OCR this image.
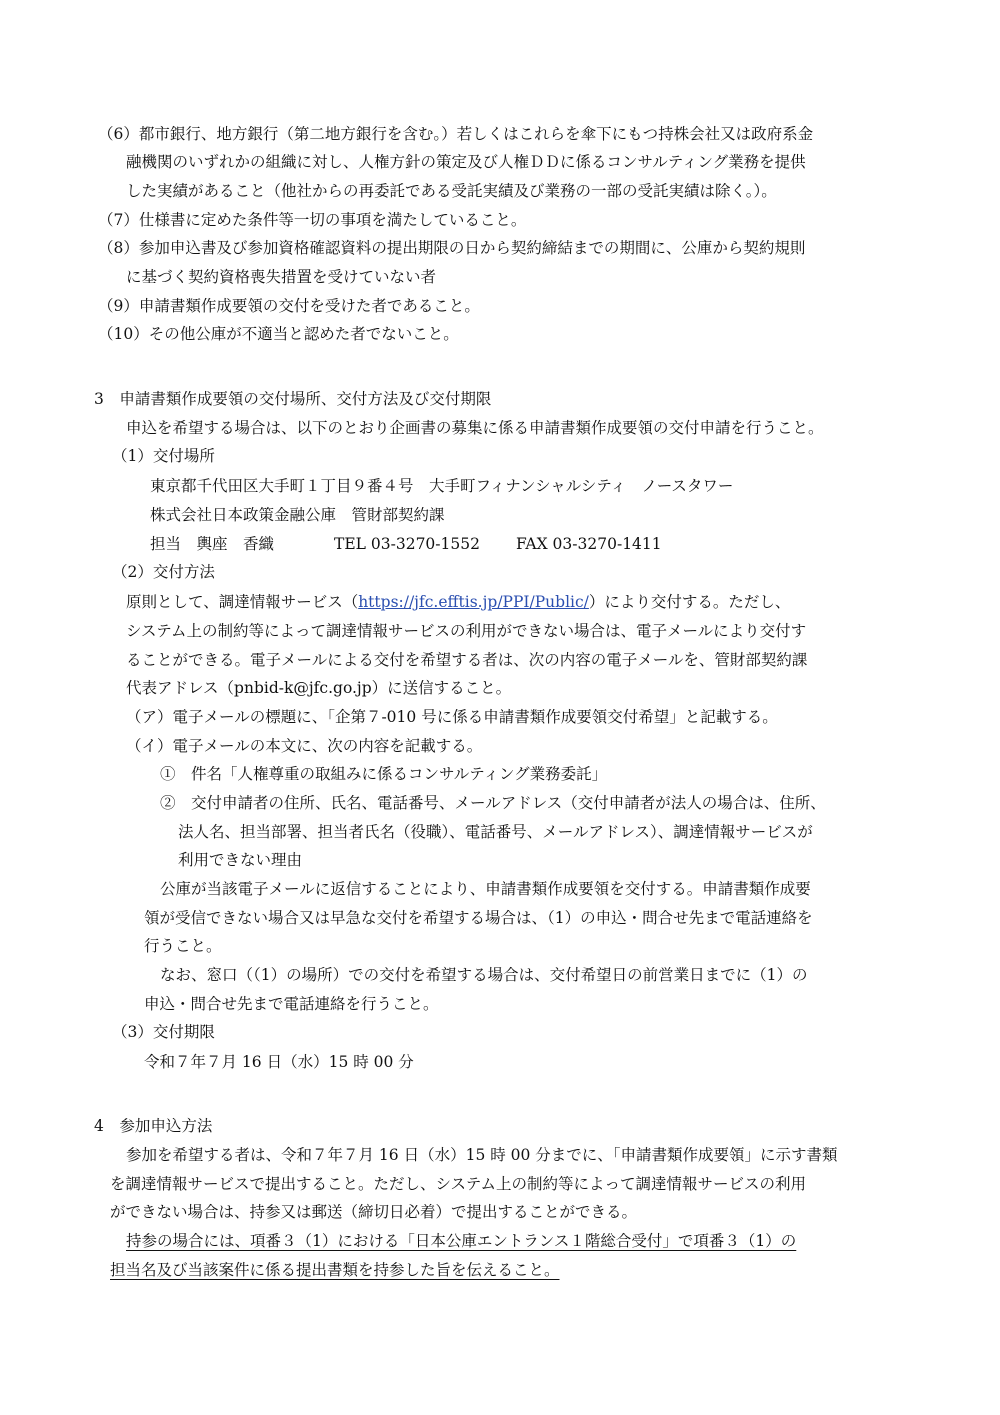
（6）都市銀行、地方銀行（第二地方銀行を含む。）若しくはこれらを傘下にもつ持株会社又は政府系金
融機関のいずれかの組織に対し、人権方針の策定及び人権ＤＤに係るコンサルティング業務を提供
した実績があること（他社からの再委託である受託実績及び業務の一部の受託実績は除く。）。
（7）仕様書に定めた条件等一切の事項を満たしていること。
（8）参加申込書及び参加資格確認資料の提出期限の日から契約締結までの期間に、公庫から契約規則
に基づく契約資格喪失措置を受けていない者
（9）申請書類作成要領の交付を受けた者であること。
（10）その他公庫が不適当と認めた者でないこと。
3　申請書類作成要領の交付場所、交付方法及び交付期限
申込を希望する場合は、以下のとおり企画書の募集に係る申請書類作成要領の交付申請を行うこと。
（1）交付場所
東京都千代田区大手町１丁目９番４号　大手町フィナンシャルシティ　ノースタワー
株式会社日本政策金融公庫　管財部契約課
担当　輿座　香織	TEL 03-3270-1552 FAX 03-3270-1411
（2）交付方法
原則として、調達情報サービス（https://jfc.efftis.jp/PPI/Public/）により交付する。ただし、
システム上の制約等によって調達情報サービスの利用ができない場合は、電子メールにより交付す
ることができる。電子メールによる交付を希望する者は、次の内容の電子メールを、管財部契約課
代表アドレス（pnbid-k@jfc.go.jp）に送信すること。
（ア）電子メールの標題に、「企第７-010 号に係る申請書類作成要領交付希望」と記載する。
（イ）電子メールの本文に、次の内容を記載する。
①　件名「人権尊重の取組みに係るコンサルティング業務委託」
②　交付申請者の住所、氏名、電話番号、メールアドレス（交付申請者が法人の場合は、住所、
法人名、担当部署、担当者氏名（役職）、電話番号、メールアドレス）、調達情報サービスが
利用できない理由
公庫が当該電子メールに返信することにより、申請書類作成要領を交付する。申請書類作成要
領が受信できない場合又は早急な交付を希望する場合は、（1）の申込・問合せ先まで電話連絡を
行うこと。
なお、窓口（（1）の場所）での交付を希望する場合は、交付希望日の前営業日までに（1）の
申込・問合せ先まで電話連絡を行うこと。
（3）交付期限
令和７年７月 16 日（水）15 時 00 分
4　参加申込方法
参加を希望する者は、令和７年７月 16 日（水）15 時 00 分までに、「申請書類作成要領」に示す書類
を調達情報サービスで提出すること。ただし、システム上の制約等によって調達情報サービスの利用
ができない場合は、持参又は郵送（締切日必着）で提出することができる。
持参の場合には、項番３（1）における「日本公庫エントランス１階総合受付」で項番３（1）の
担当名及び当該案件に係る提出書類を持参した旨を伝えること。
